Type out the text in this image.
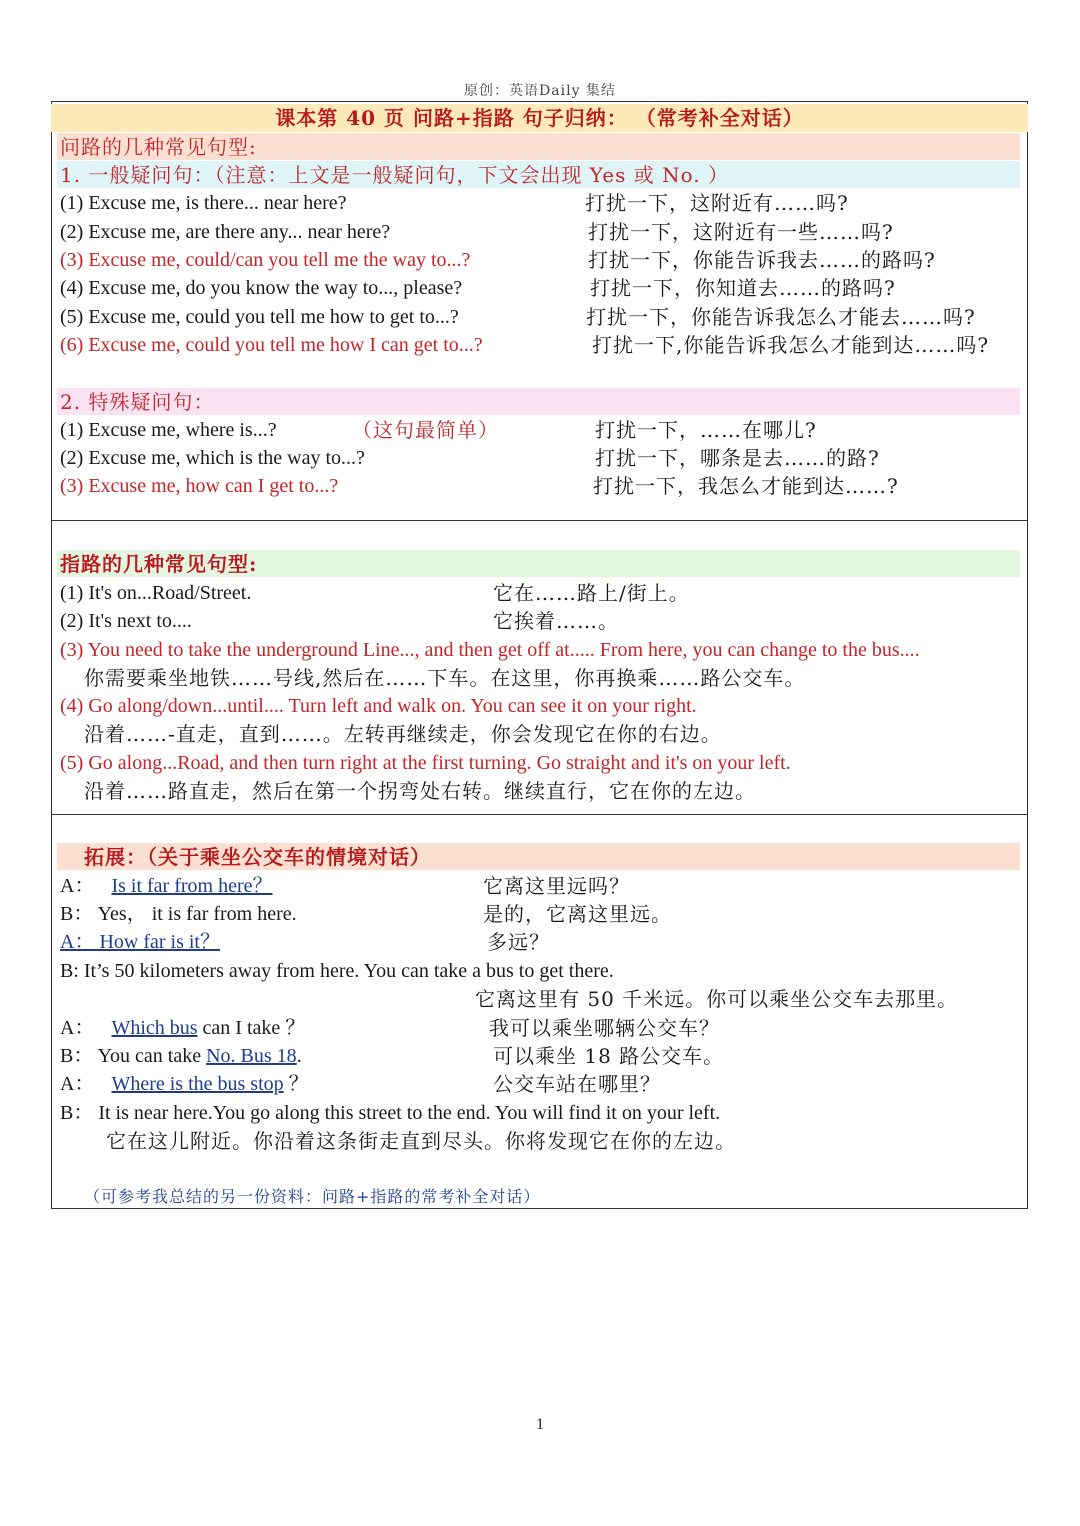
原创：英语Daily 集结
课本第 40 页 问路+指路 句子归纳： （常考补全对话）
问路的几种常见句型:
1. 一般疑问句：（注意：上文是一般疑问句，下文会出现 Yes 或 No. ）
(1) Excuse me, is there... near here?	打扰一下，这附近有……吗?
(2) Excuse me, are there any... near here?	打扰一下，这附近有一些……吗?
(3) Excuse me, could/can you tell me the way to...?	打扰一下，你能告诉我去……的路吗?
(4) Excuse me, do you know the way to..., please?	打扰一下，你知道去……的路吗?
(5) Excuse me, could you tell me how to get to...?	打扰一下，你能告诉我怎么才能去……吗?
(6) Excuse me, could you tell me how I can get to...?	打扰一下,你能告诉我怎么才能到达……吗?
2. 特殊疑问句：
(1) Excuse me, where is...?	（这句最简单）	打扰一下，……在哪儿?
(2) Excuse me, which is the way to...?	打扰一下，哪条是去……的路?
(3) Excuse me, how can I get to...?	打扰一下，我怎么才能到达……?
指路的几种常见句型:
(1) It's on...Road/Street.	它在……路上/街上。
(2) It's next to....	它挨着……。
(3) You need to take the underground Line..., and then get off at..... From here, you can change to the bus....
你需要乘坐地铁……号线,然后在……下车。在这里，你再换乘……路公交车。
(4) Go along/down...until.... Turn left and walk on. You can see it on your right.
沿着……-直走，直到……。左转再继续走，你会发现它在你的右边。
(5) Go along...Road, and then turn right at the first turning. Go straight and it's on your left.
沿着……路直走，然后在第一个拐弯处右转。继续直行，它在你的左边。
拓展：（关于乘坐公交车的情境对话）
A： Is it far from here？	它离这里远吗？
B： Yes， it is far from here.	是的，它离这里远。
A： How far is it？	多远？
B: It’s 50 kilometers away from here. You can take a bus to get there.
它离这里有 50 千米远。你可以乘坐公交车去那里。
A： Which bus can I take ？	我可以乘坐哪辆公交车？
B： You can take No. Bus 18.	可以乘坐 18 路公交车。
A： Where is the bus stop ？	公交车站在哪里？
B： It is near here.You go along this street to the end. You will find it on your left.
它在这儿附近。你沿着这条街走直到尽头。你将发现它在你的左边。
（可参考我总结的另一份资料：问路+指路的常考补全对话）
1
